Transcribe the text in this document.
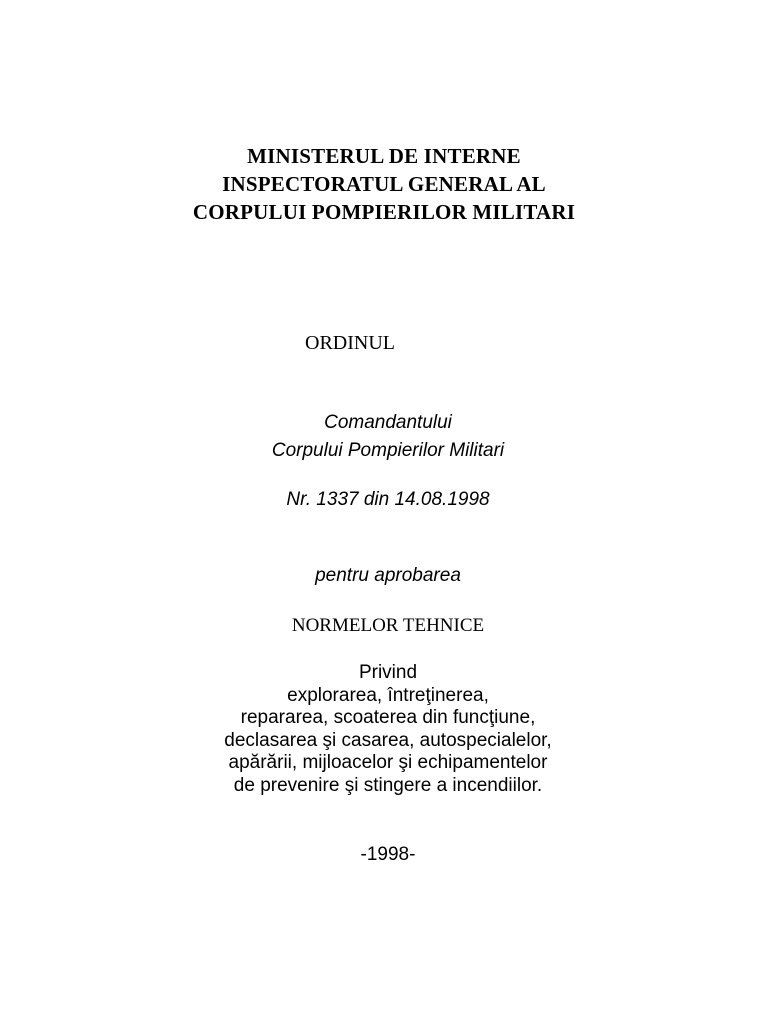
MINISTERUL DE INTERNE
INSPECTORATUL GENERAL AL
CORPULUI POMPIERILOR MILITARI
ORDINUL
Comandantului
Corpului Pompierilor Militari
Nr. 1337 din 14.08.1998
pentru aprobarea
NORMELOR TEHNICE
Privind
explorarea, întreţinerea,
repararea, scoaterea din funcţiune,
declasarea şi casarea, autospecialelor,
apărării, mijloacelor şi echipamentelor
de prevenire şi stingere a incendiilor.
-1998-
